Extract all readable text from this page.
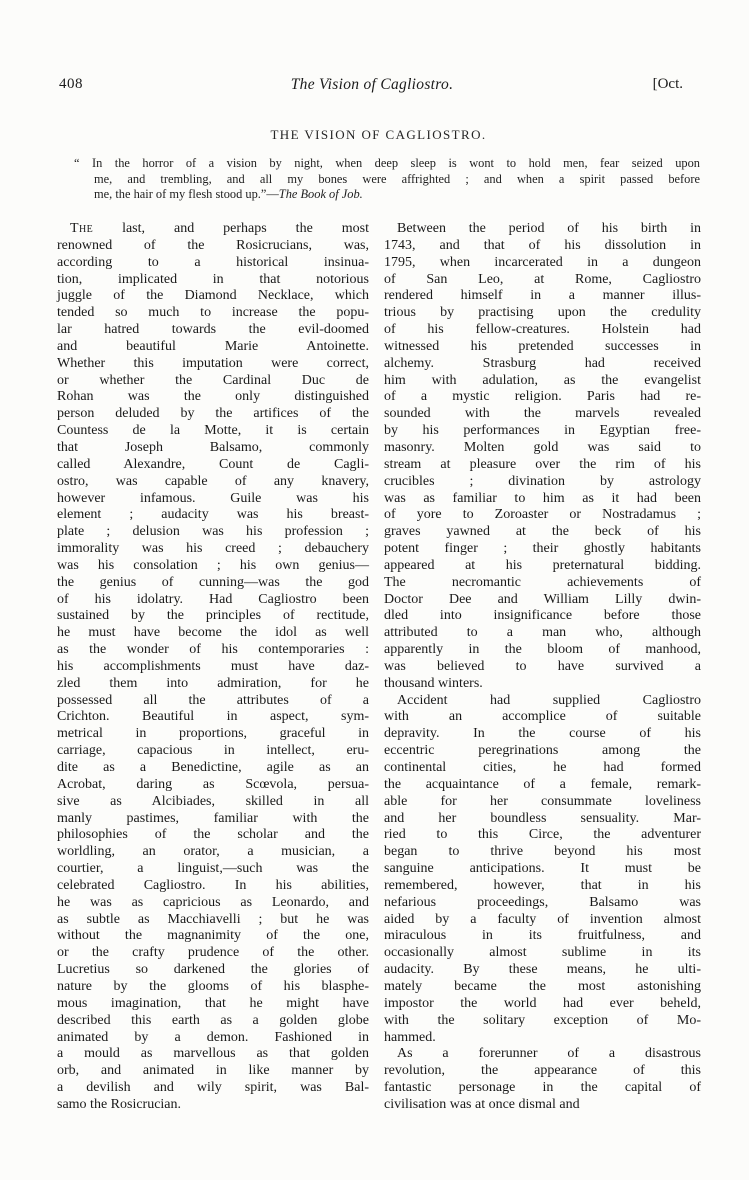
408	The Vision of Cagliostro.	[Oct.
THE VISION OF CAGLIOSTRO.
“ In the horror of a vision by night, when deep sleep is wont to hold men, fear seized upon
me, and trembling, and all my bones were affrighted ; and when a spirit passed before
me, the hair of my flesh stood up.”—The Book of Job.
The last, and perhaps the most
renowned of the Rosicrucians, was,
according to a historical insinua-
tion, implicated in that notorious
juggle of the Diamond Necklace, which
tended so much to increase the popu-
lar hatred towards the evil-doomed
and beautiful Marie Antoinette.
Whether this imputation were correct,
or whether the Cardinal Duc de
Rohan was the only distinguished
person deluded by the artifices of the
Countess de la Motte, it is certain
that Joseph Balsamo, commonly
called Alexandre, Count de Cagli-
ostro, was capable of any knavery,
however infamous. Guile was his
element ; audacity was his breast-
plate ; delusion was his profession ;
immorality was his creed ; debauchery
was his consolation ; his own genius—
the genius of cunning—was the god
of his idolatry. Had Cagliostro been
sustained by the principles of rectitude,
he must have become the idol as well
as the wonder of his contemporaries :
his accomplishments must have daz-
zled them into admiration, for he
possessed all the attributes of a
Crichton. Beautiful in aspect, sym-
metrical in proportions, graceful in
carriage, capacious in intellect, eru-
dite as a Benedictine, agile as an
Acrobat, daring as Scœvola, persua-
sive as Alcibiades, skilled in all
manly pastimes, familiar with the
philosophies of the scholar and the
worldling, an orator, a musician, a
courtier, a linguist,—such was the
celebrated Cagliostro. In his abilities,
he was as capricious as Leonardo, and
as subtle as Macchiavelli ; but he was
without the magnanimity of the one,
or the crafty prudence of the other.
Lucretius so darkened the glories of
nature by the glooms of his blasphe-
mous imagination, that he might have
described this earth as a golden globe
animated by a demon. Fashioned in
a mould as marvellous as that golden
orb, and animated in like manner by
a devilish and wily spirit, was Bal-
samo the Rosicrucian.
Between the period of his birth in
1743, and that of his dissolution in
1795, when incarcerated in a dungeon
of San Leo, at Rome, Cagliostro
rendered himself in a manner illus-
trious by practising upon the credulity
of his fellow-creatures. Holstein had
witnessed his pretended successes in
alchemy. Strasburg had received
him with adulation, as the evangelist
of a mystic religion. Paris had re-
sounded with the marvels revealed
by his performances in Egyptian free-
masonry. Molten gold was said to
stream at pleasure over the rim of his
crucibles ; divination by astrology
was as familiar to him as it had been
of yore to Zoroaster or Nostradamus ;
graves yawned at the beck of his
potent finger ; their ghostly habitants
appeared at his preternatural bidding.
The necromantic achievements of
Doctor Dee and William Lilly dwin-
dled into insignificance before those
attributed to a man who, although
apparently in the bloom of manhood,
was believed to have survived a
thousand winters.
Accident had supplied Cagliostro
with an accomplice of suitable
depravity. In the course of his
eccentric peregrinations among the
continental cities, he had formed
the acquaintance of a female, remark-
able for her consummate loveliness
and her boundless sensuality. Mar-
ried to this Circe, the adventurer
began to thrive beyond his most
sanguine anticipations. It must be
remembered, however, that in his
nefarious proceedings, Balsamo was
aided by a faculty of invention almost
miraculous in its fruitfulness, and
occasionally almost sublime in its
audacity. By these means, he ulti-
mately became the most astonishing
impostor the world had ever beheld,
with the solitary exception of Mo-
hammed.
As a forerunner of a disastrous
revolution, the appearance of this
fantastic personage in the capital of
civilisation was at once dismal and
